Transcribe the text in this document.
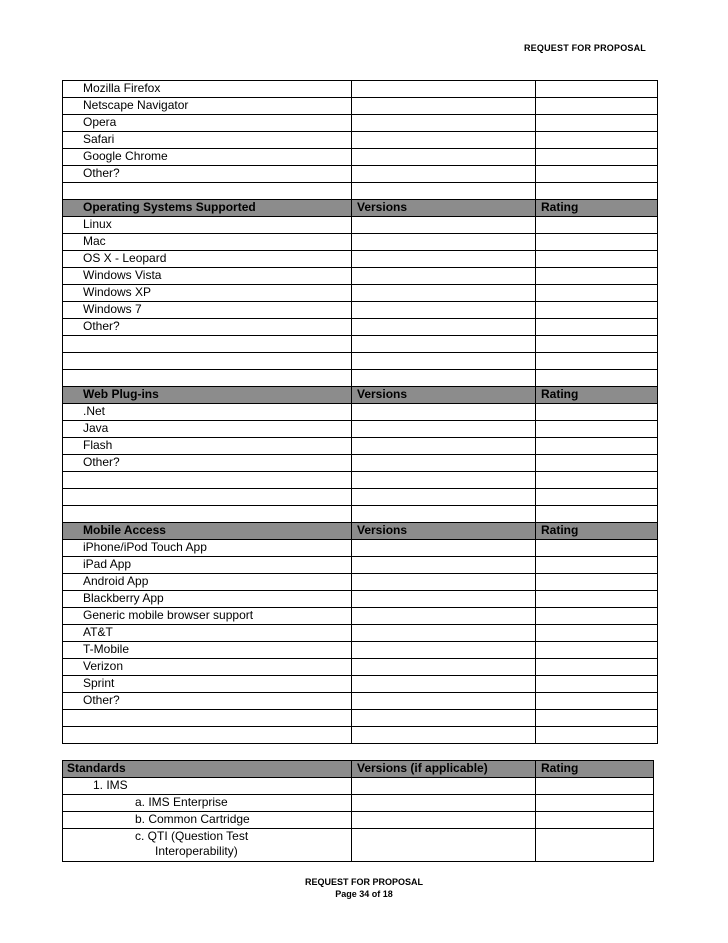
REQUEST FOR PROPOSAL
Mozilla Firefox		
Netscape Navigator		
Opera		
Safari		
Google Chrome		
Other?		

Operating Systems Supported	Versions	Rating
Linux		
Mac		
OS X - Leopard		
Windows Vista		
Windows XP		
Windows 7		
Other?		

Web Plug-ins	Versions	Rating
.Net		
Java		
Flash		
Other?		

Mobile Access	Versions	Rating
iPhone/iPod Touch App		
iPad App		
Android App		
Blackberry App		
Generic mobile browser support		
AT&T		
T-Mobile		
Verizon		
Sprint		
Other?		

Standards	Versions (if applicable)	Rating
1. IMS		
a. IMS Enterprise		
b. Common Cartridge		
c. QTI (Question Test
Interoperability)		

REQUEST FOR PROPOSAL
Page 34 of 18
